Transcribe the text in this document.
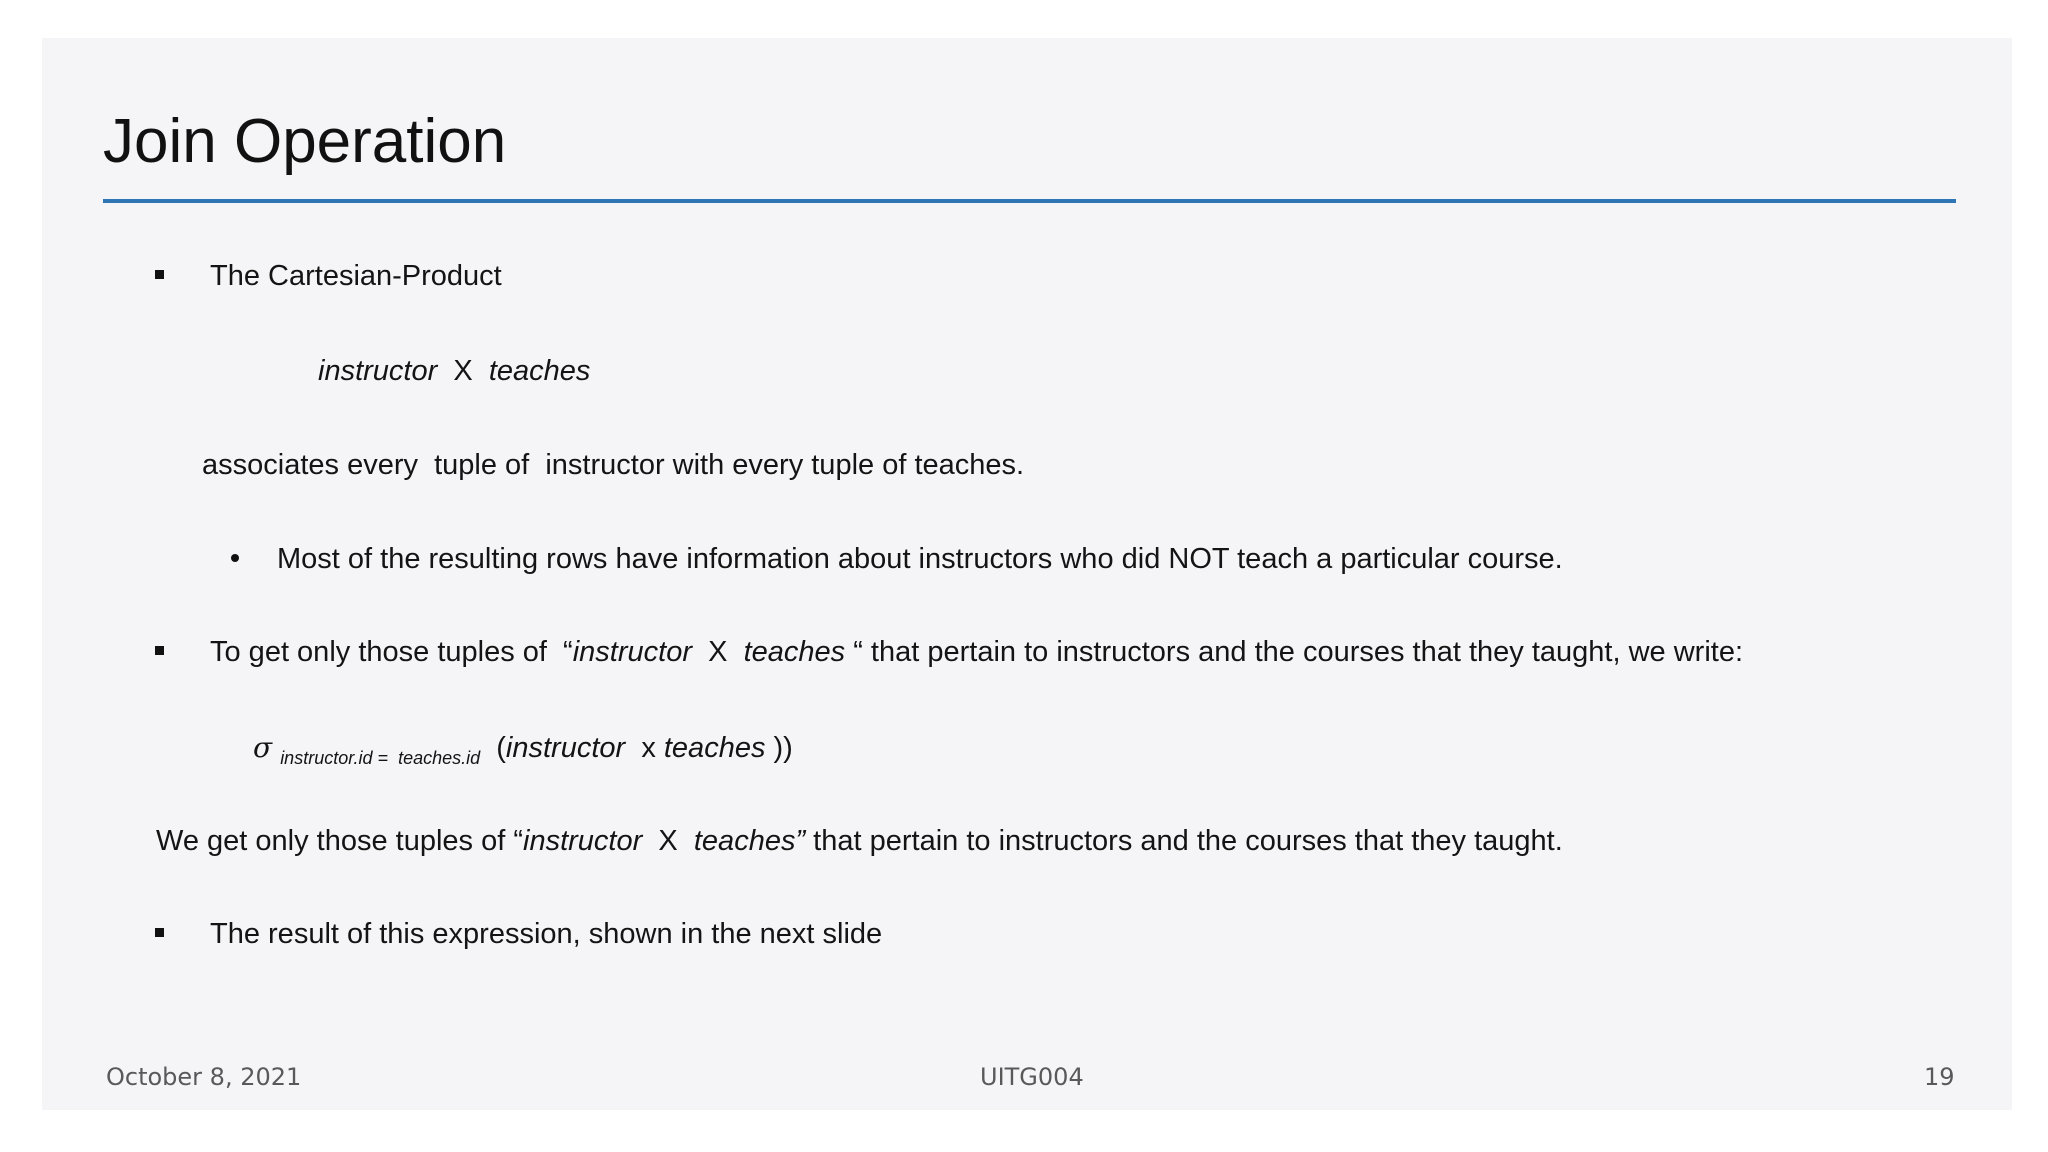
Join Operation
The Cartesian-Product
instructor X teaches
associates every  tuple of  instructor with every tuple of teaches.
Most of the resulting rows have information about instructors who did NOT teach a particular course.
To get only those tuples of  “instructor X teaches “ that pertain to instructors and the courses that they taught, we write:
σ $_{instructor.id = teaches.id}$ (instructor x teaches ))
We get only those tuples of “instructor X teaches” that pertain to instructors and the courses that they taught.
The result of this expression, shown in the next slide
October 8, 2021	UITG004	19
